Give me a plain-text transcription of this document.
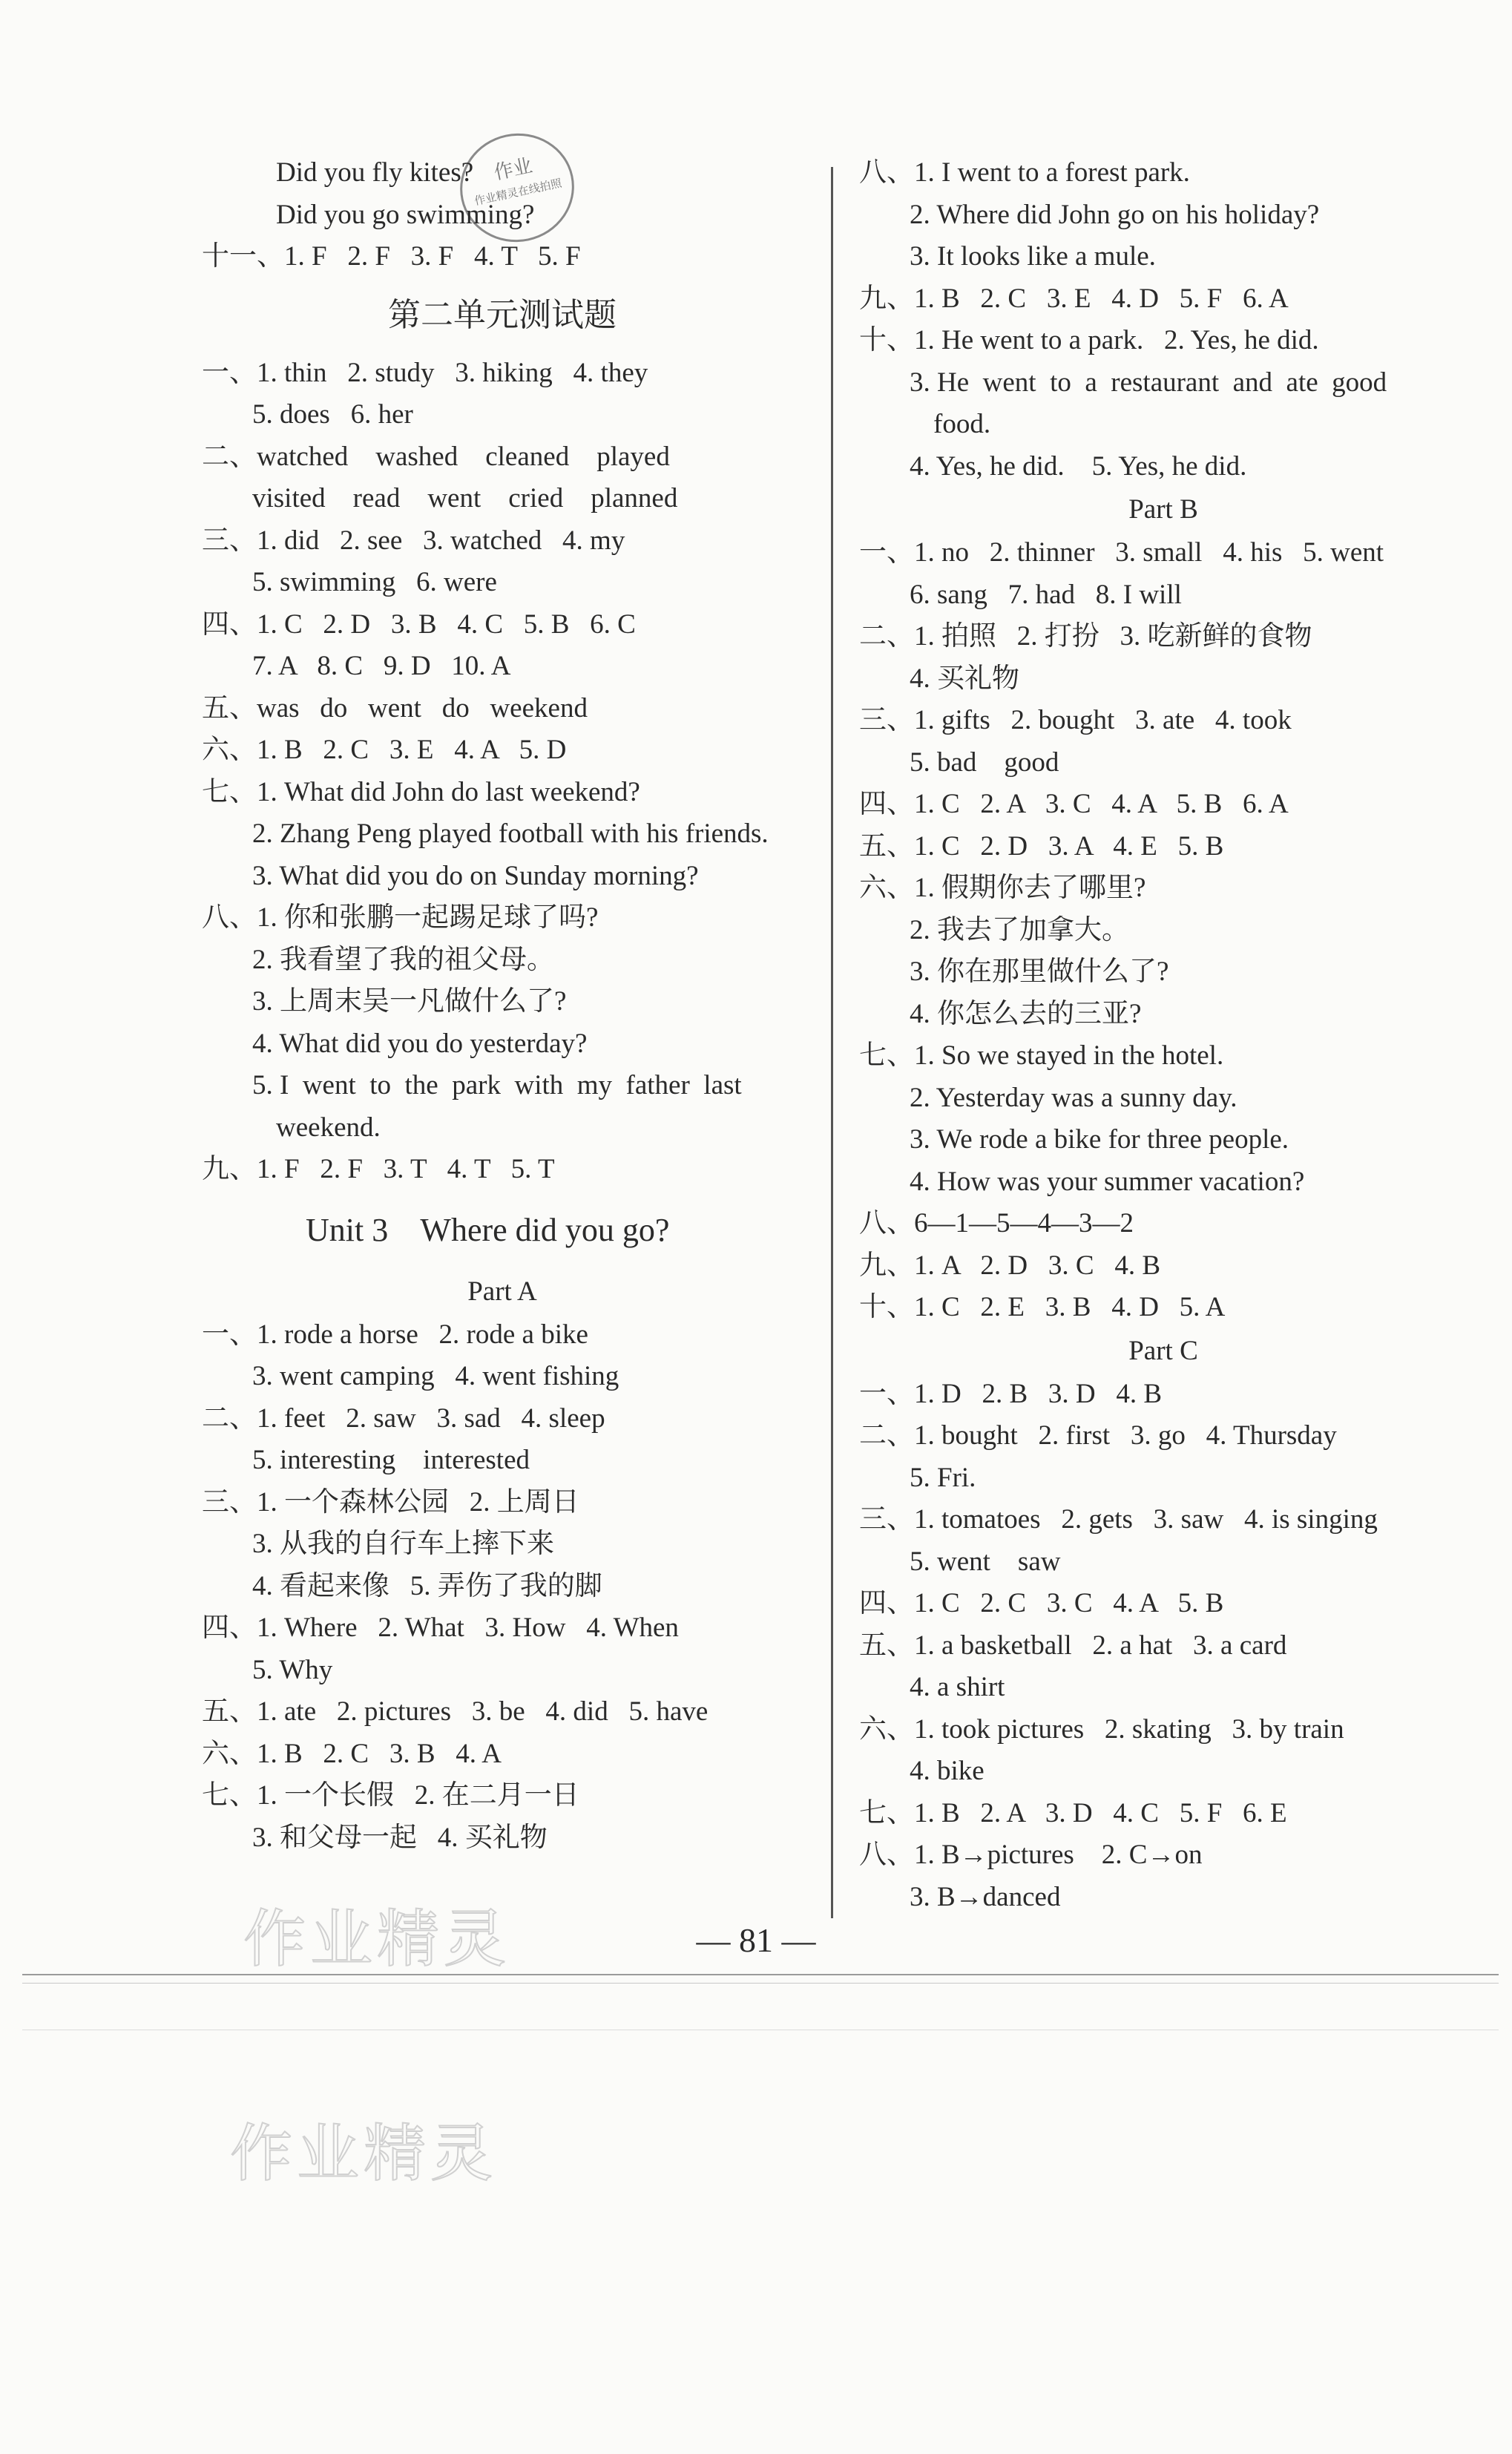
作业
作业精灵在线拍照
Did you fly kites?
Did you go swimming?
十一、1. F   2. F   3. F   4. T   5. F
第二单元测试题
一、1. thin   2. study   3. hiking   4. they
5. does   6. her
二、watched    washed    cleaned    played
visited    read    went    cried    planned
三、1. did   2. see   3. watched   4. my
5. swimming   6. were
四、1. C   2. D   3. B   4. C   5. B   6. C
7. A   8. C   9. D   10. A
五、was   do   went   do   weekend
六、1. B   2. C   3. E   4. A   5. D
七、1. What did John do last weekend?
2. Zhang Peng played football with his friends.
3. What did you do on Sunday morning?
八、1. 你和张鹏一起踢足球了吗?
2. 我看望了我的祖父母。
3. 上周末吴一凡做什么了?
4. What did you do yesterday?
5. I  went  to  the  park  with  my  father  last
weekend.
九、1. F   2. F   3. T   4. T   5. T
Unit 3    Where did you go?
Part A
一、1. rode a horse   2. rode a bike
3. went camping   4. went fishing
二、1. feet   2. saw   3. sad   4. sleep
5. interesting    interested
三、1. 一个森林公园   2. 上周日
3. 从我的自行车上摔下来
4. 看起来像   5. 弄伤了我的脚
四、1. Where   2. What   3. How   4. When
5. Why
五、1. ate   2. pictures   3. be   4. did   5. have
六、1. B   2. C   3. B   4. A
七、1. 一个长假   2. 在二月一日
3. 和父母一起   4. 买礼物
八、1. I went to a forest park.
2. Where did John go on his holiday?
3. It looks like a mule.
九、1. B   2. C   3. E   4. D   5. F   6. A
十、1. He went to a park.   2. Yes, he did.
3. He  went  to  a  restaurant  and  ate  good
food.
4. Yes, he did.    5. Yes, he did.
Part B
一、1. no   2. thinner   3. small   4. his   5. went
6. sang   7. had   8. I will
二、1. 拍照   2. 打扮   3. 吃新鲜的食物
4. 买礼物
三、1. gifts   2. bought   3. ate   4. took
5. bad    good
四、1. C   2. A   3. C   4. A   5. B   6. A
五、1. C   2. D   3. A   4. E   5. B
六、1. 假期你去了哪里?
2. 我去了加拿大。
3. 你在那里做什么了?
4. 你怎么去的三亚?
七、1. So we stayed in the hotel.
2. Yesterday was a sunny day.
3. We rode a bike for three people.
4. How was your summer vacation?
八、6—1—5—4—3—2
九、1. A   2. D   3. C   4. B
十、1. C   2. E   3. B   4. D   5. A
Part C
一、1. D   2. B   3. D   4. B
二、1. bought   2. first   3. go   4. Thursday
5. Fri.
三、1. tomatoes   2. gets   3. saw   4. is singing
5. went    saw
四、1. C   2. C   3. C   4. A   5. B
五、1. a basketball   2. a hat   3. a card
4. a shirt
六、1. took pictures   2. skating   3. by train
4. bike
七、1. B   2. A   3. D   4. C   5. F   6. E
八、1. B→pictures    2. C→on
3. B→danced
— 81 —
作业精灵
作业精灵
